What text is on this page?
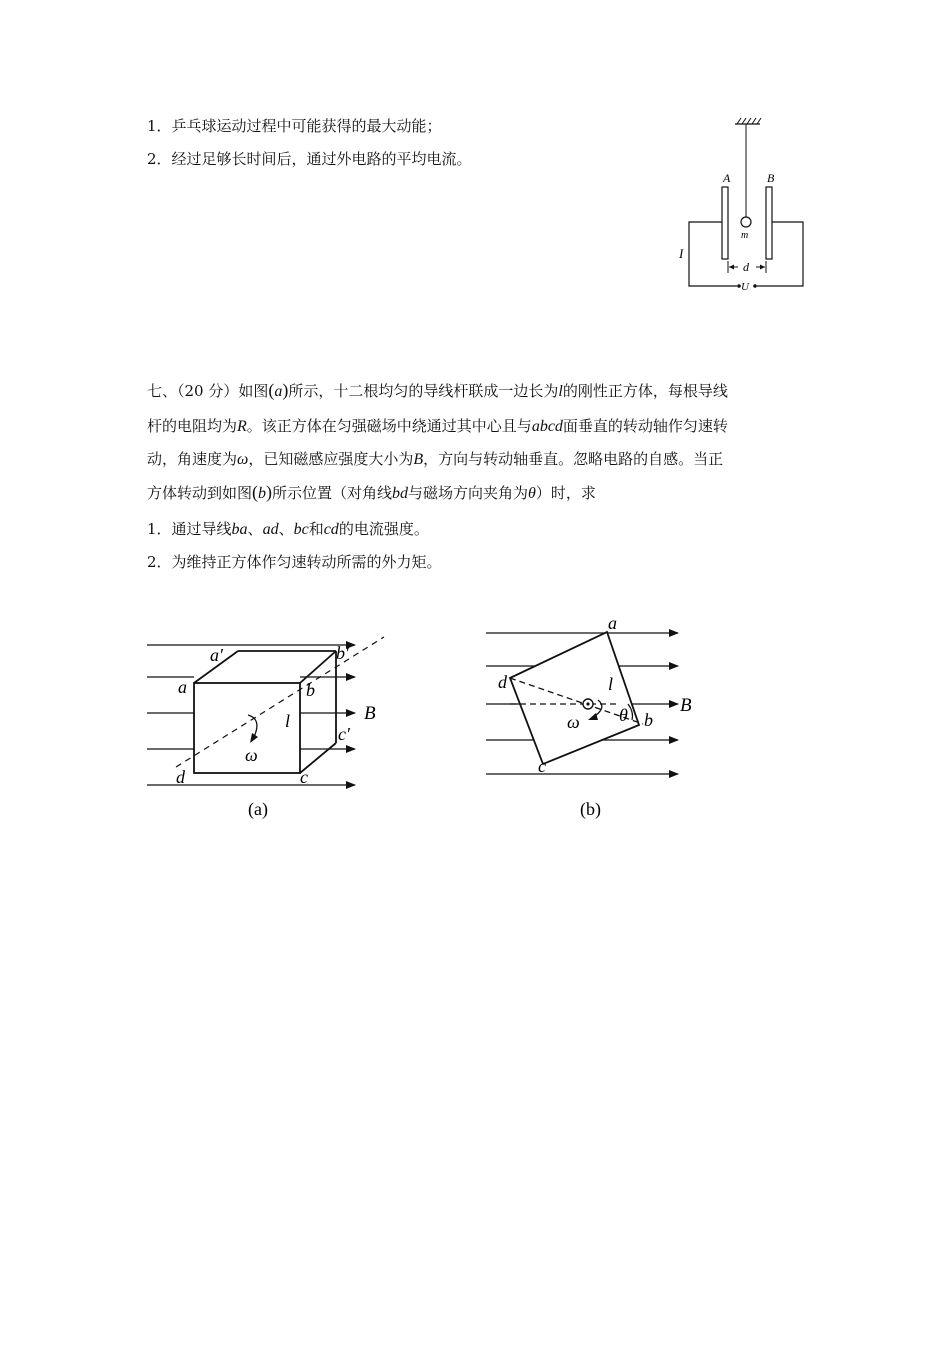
1．乒乓球运动过程中可能获得的最大动能；
2．经过足够长时间后，通过外电路的平均电流。
m
A	B
U
I
d
七、（20 分）如图(a)所示，十二根均匀的导线杆联成一边长为l的刚性正方体，每根导线
杆的电阻均为R。该正方体在匀强磁场中绕通过其中心且与abcd面垂直的转动轴作匀速转
动，角速度为ω，已知磁感应强度大小为B，方向与转动轴垂直。忽略电路的自感。当正
方体转动到如图(b)所示位置（对角线bd与磁场方向夹角为θ）时，求
1．通过导线ba、ad、bc和cd的电流强度。
2．为维持正方体作匀速转动所需的外力矩。
a′	b′
a	b
l
c′
B
ω
d	c
(a)
a
d	l
B
ω θ b
c
(b)
